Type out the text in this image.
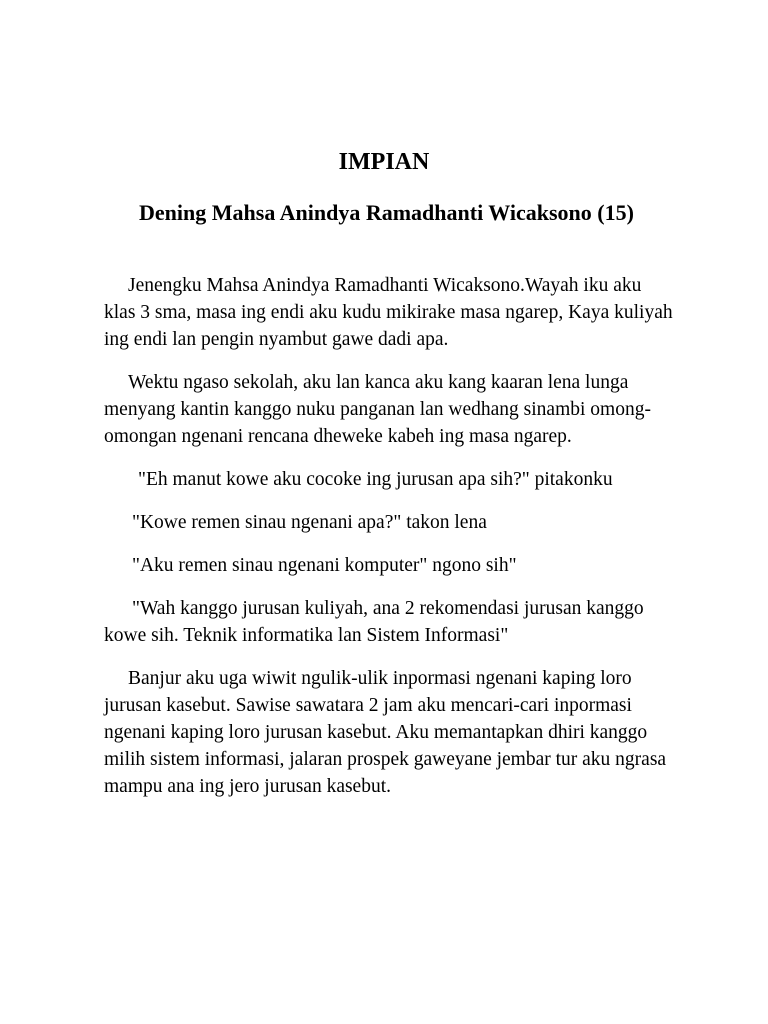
IMPIAN
Dening Mahsa Anindya Ramadhanti Wicaksono (15)

Jenengku Mahsa Anindya Ramadhanti Wicaksono.Wayah iku aku klas 3 sma, masa ing endi aku kudu mikirake masa ngarep, Kaya kuliyah ing endi lan pengin nyambut gawe dadi apa.

Wektu ngaso sekolah, aku lan kanca aku kang kaaran lena lunga menyang kantin kanggo nuku panganan lan wedhang sinambi omong-omongan ngenani rencana dheweke kabeh ing masa ngarep.

"Eh manut kowe aku cocoke ing jurusan apa sih?" pitakonku

"Kowe remen sinau ngenani apa?" takon lena

"Aku remen sinau ngenani komputer" ngono sih"

"Wah kanggo jurusan kuliyah, ana 2 rekomendasi jurusan kanggo kowe sih. Teknik informatika lan Sistem Informasi"

Banjur aku uga wiwit ngulik-ulik inpormasi ngenani kaping loro jurusan kasebut. Sawise sawatara 2 jam aku mencari-cari inpormasi ngenani kaping loro jurusan kasebut. Aku memantapkan dhiri kanggo milih sistem informasi, jalaran prospek gaweyane jembar tur aku ngrasa mampu ana ing jero jurusan kasebut.
